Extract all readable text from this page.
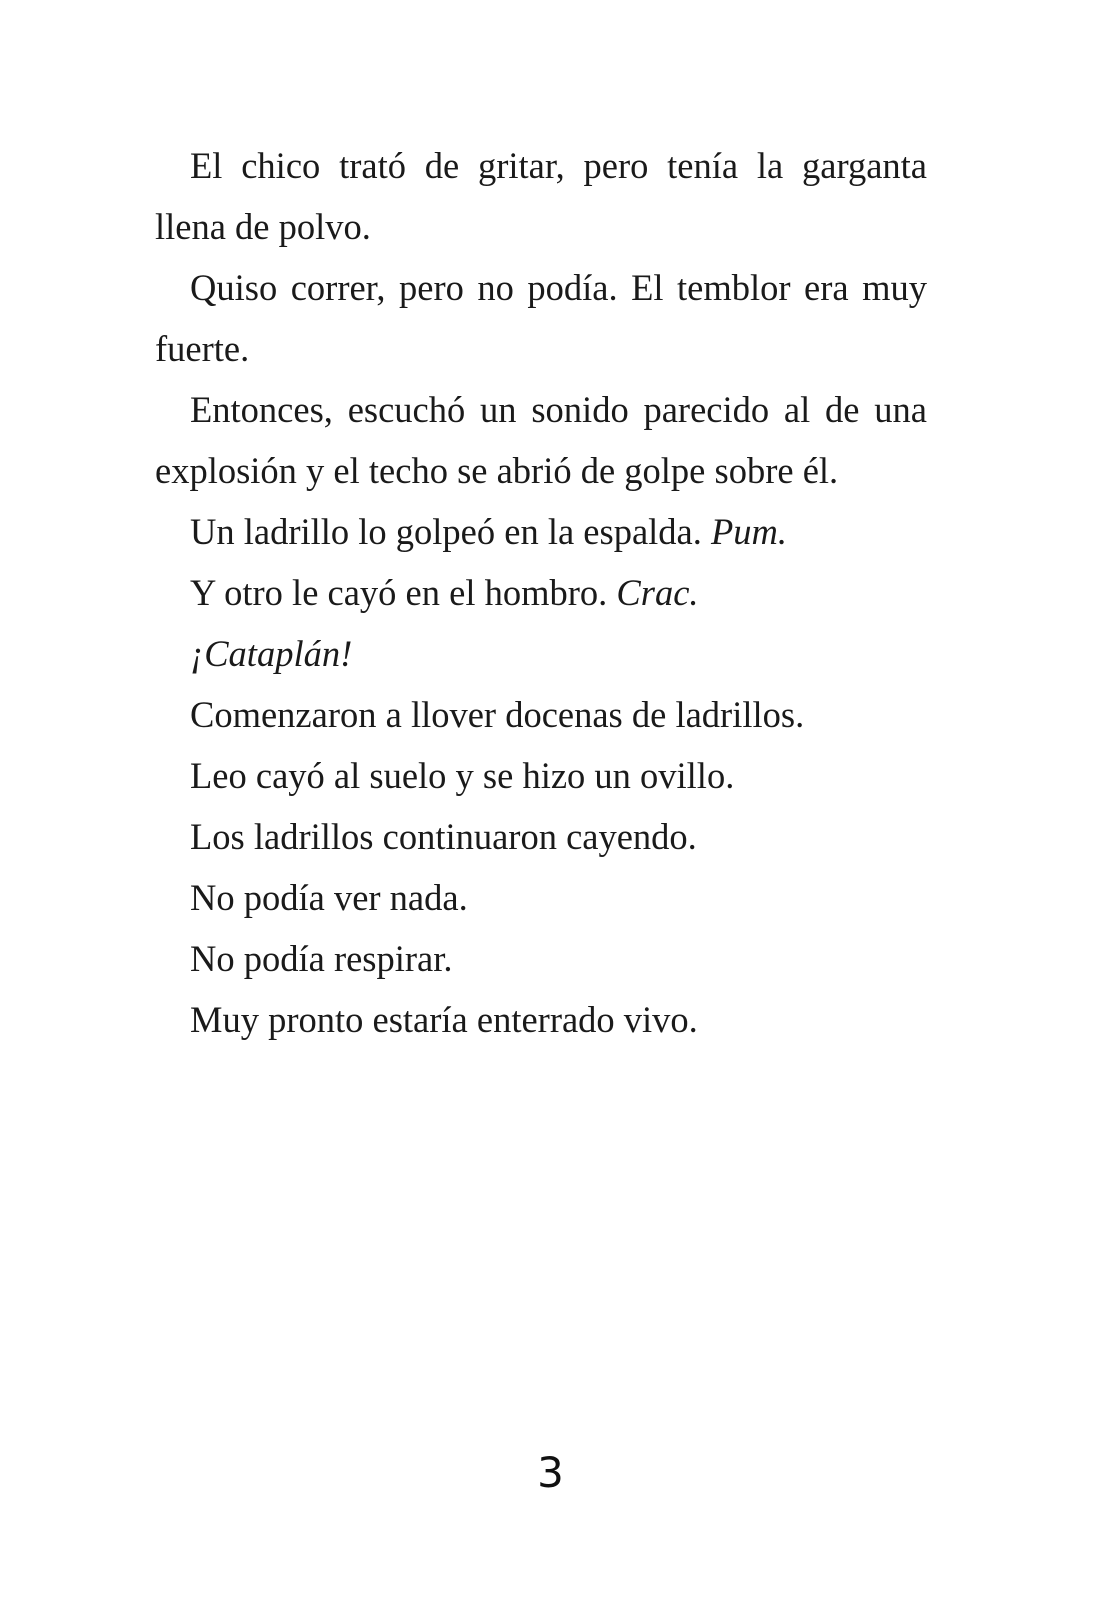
El chico trató de gritar, pero tenía la garganta llena de polvo.

Quiso correr, pero no podía. El temblor era muy fuerte.

Entonces, escuchó un sonido parecido al de una explosión y el techo se abrió de golpe sobre él.

Un ladrillo lo golpeó en la espalda. Pum.

Y otro le cayó en el hombro. Crac.

¡Cataplán!

Comenzaron a llover docenas de ladrillos.

Leo cayó al suelo y se hizo un ovillo.

Los ladrillos continuaron cayendo.

No podía ver nada.

No podía respirar.

Muy pronto estaría enterrado vivo.

3
